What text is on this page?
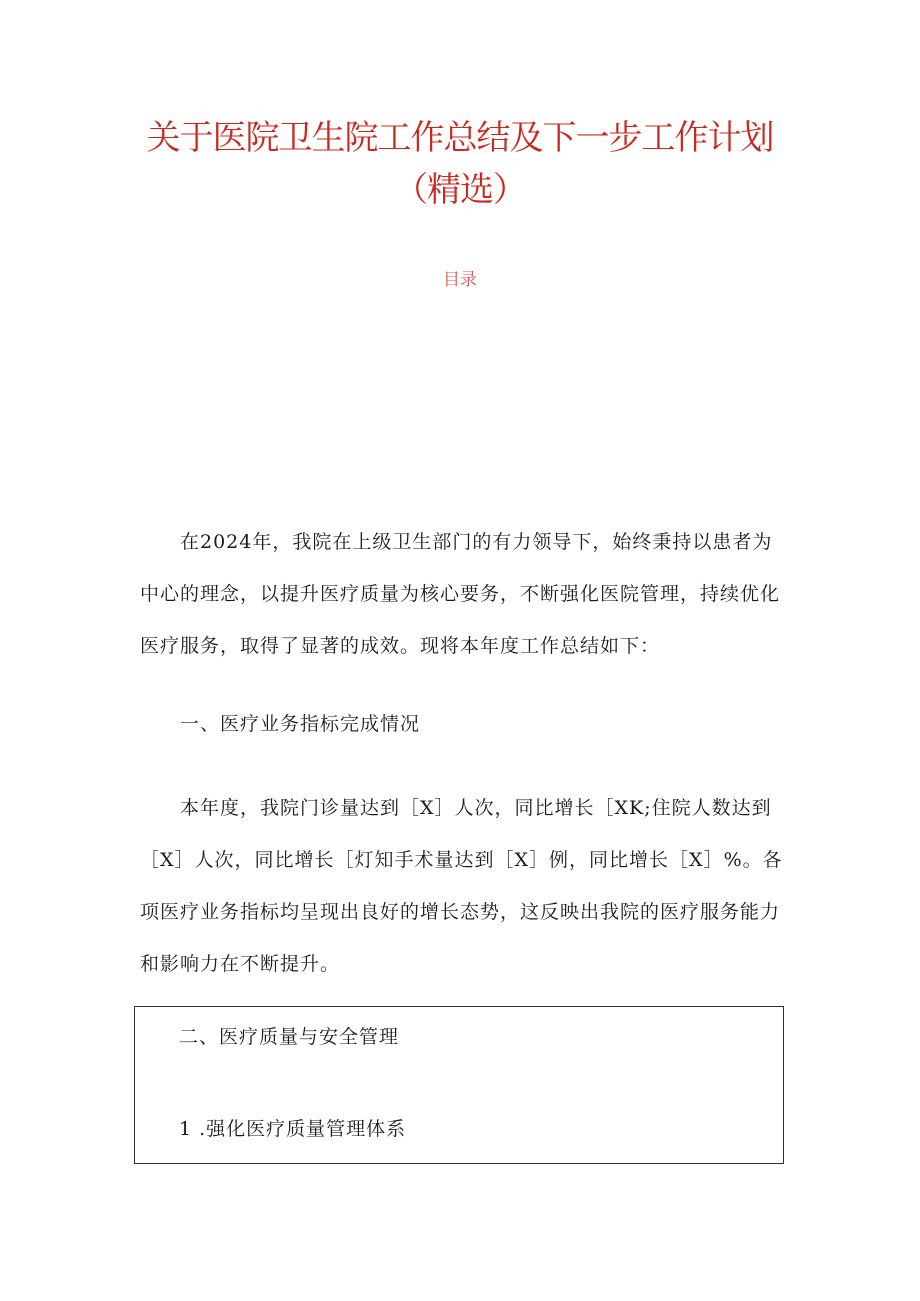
关于医院卫生院工作总结及下一步工作计划（精选）
目录

在2024年，我院在上级卫生部门的有力领导下，始终秉持以患者为中心的理念，以提升医疗质量为核心要务，不断强化医院管理，持续优化医疗服务，取得了显著的成效。现将本年度工作总结如下：

一、医疗业务指标完成情况

本年度，我院门诊量达到［X］人次，同比增长［XK;住院人数达到［X］人次，同比增长［灯知手术量达到［X］例，同比增长［X］%。各项医疗业务指标均呈现出良好的增长态势，这反映出我院的医疗服务能力和影响力在不断提升。

二、医疗质量与安全管理
1 .强化医疗质量管理体系
